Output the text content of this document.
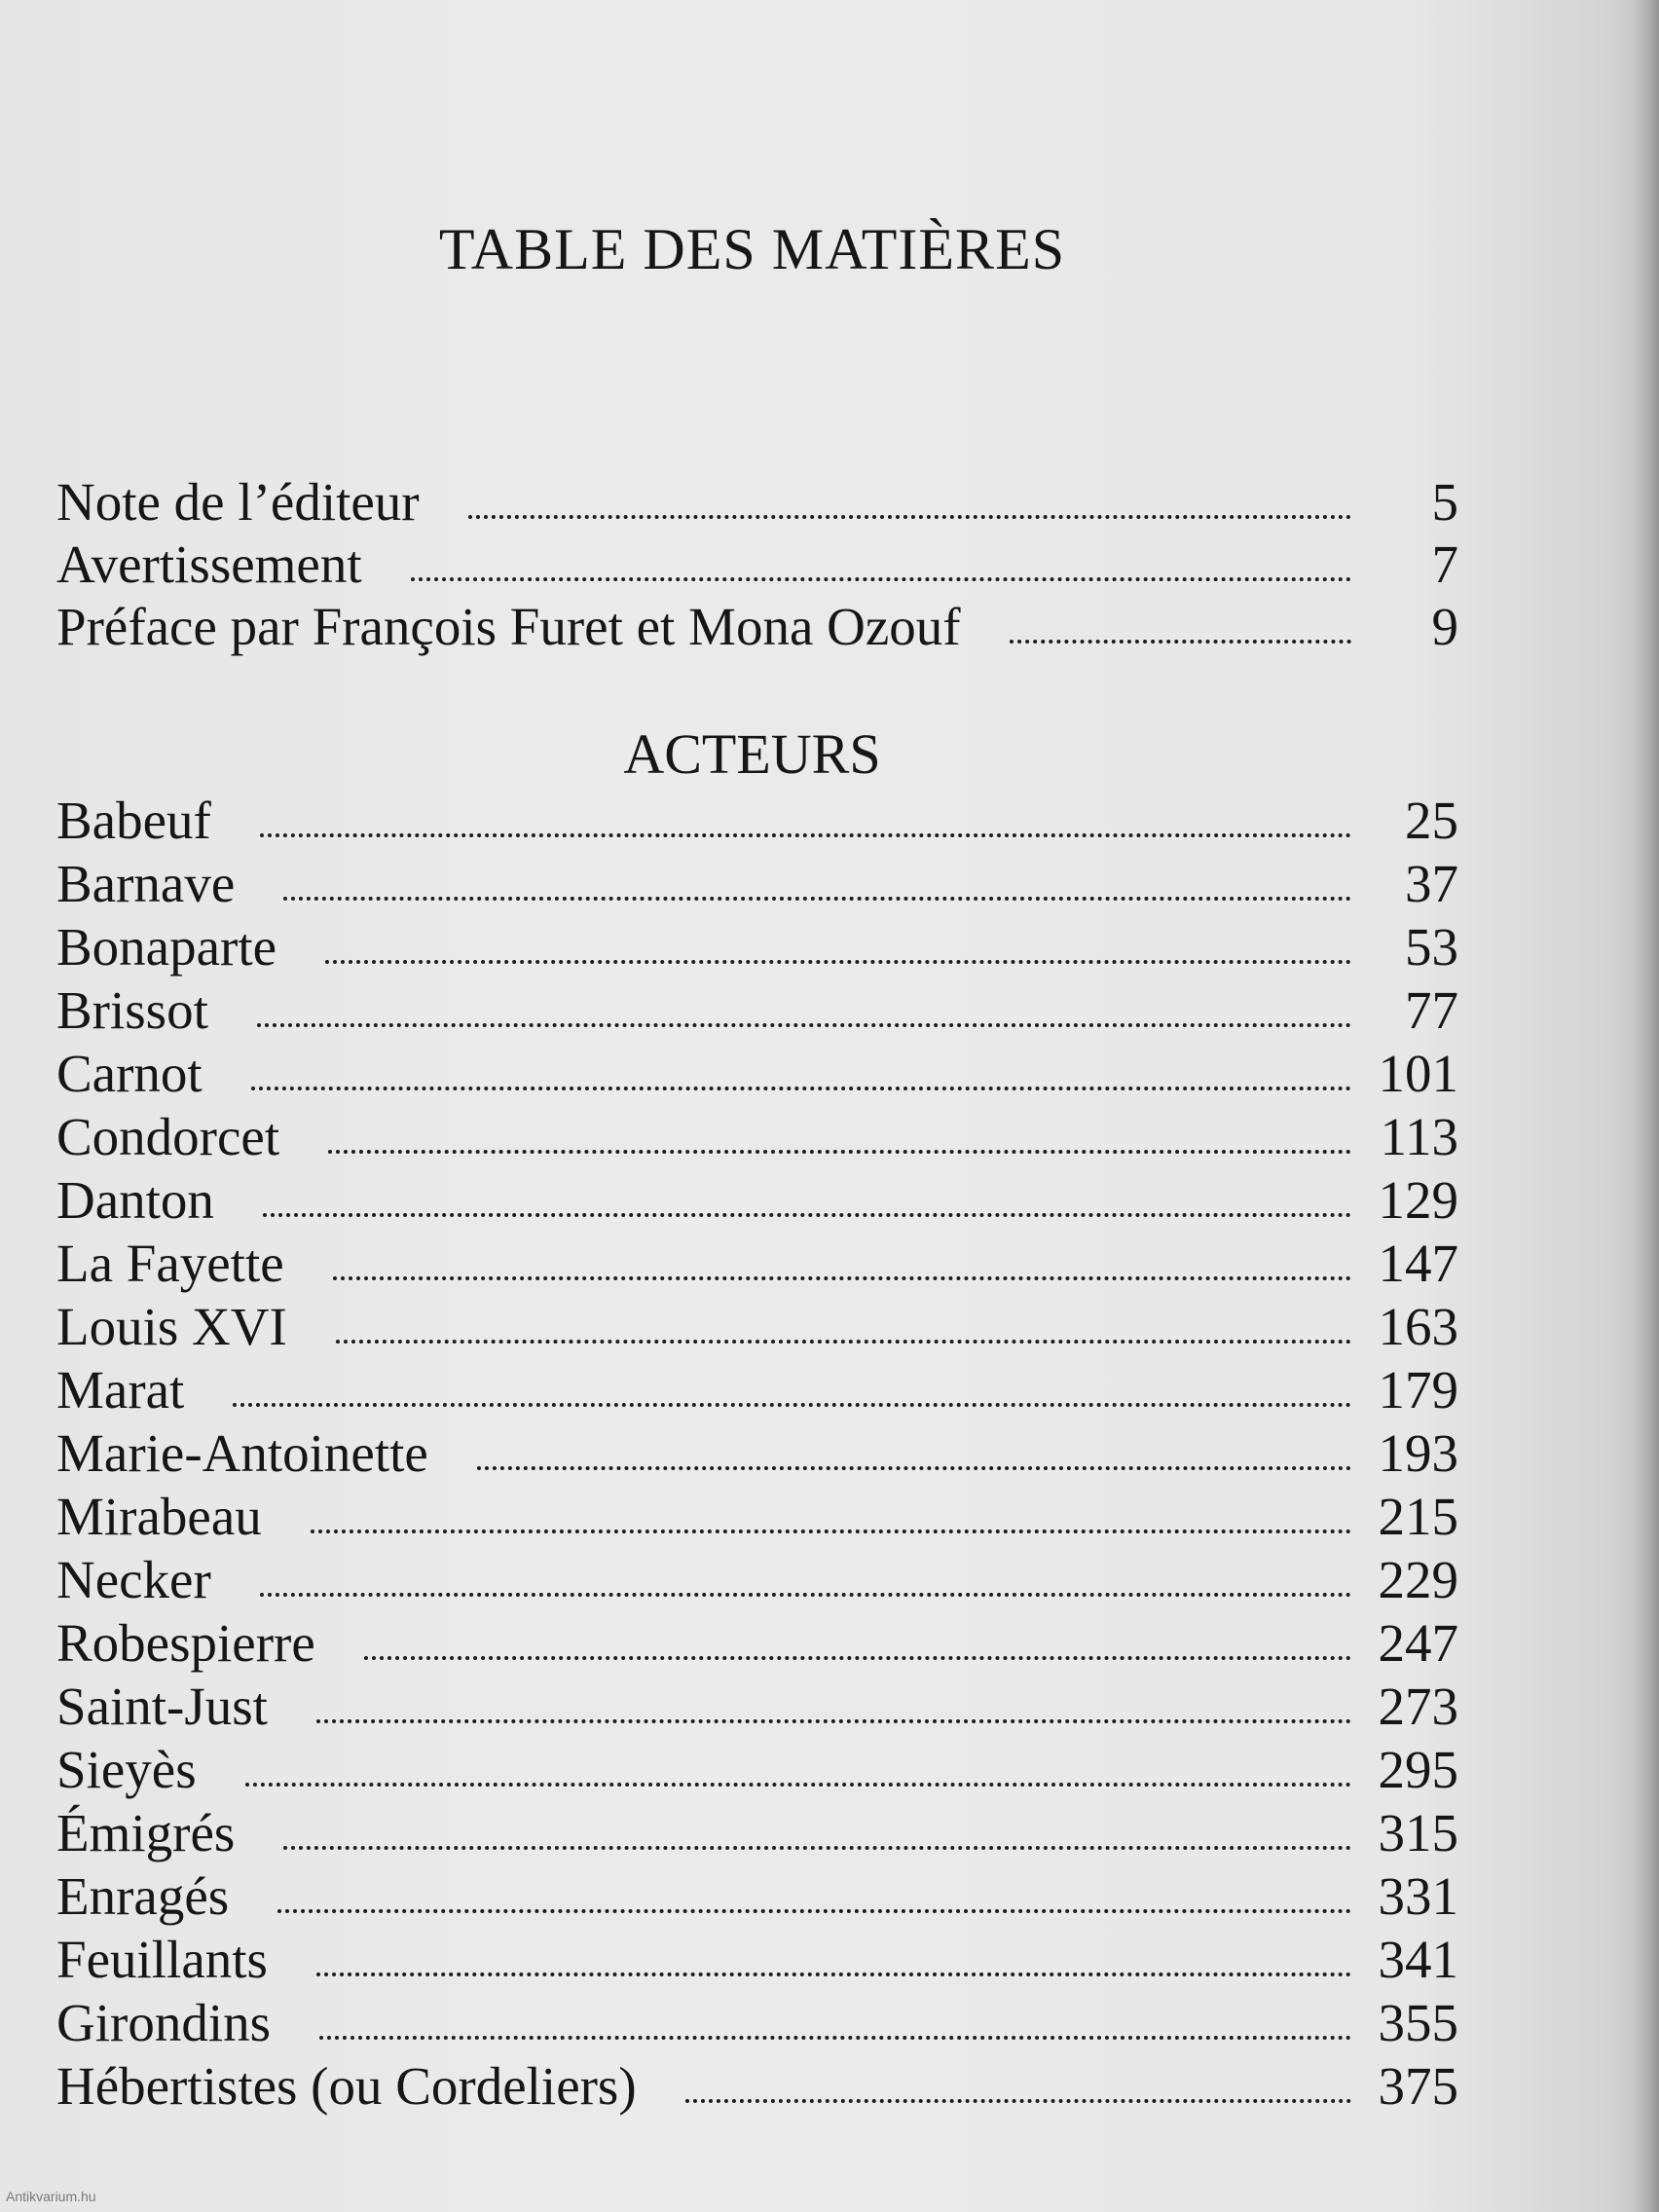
TABLE DES MATIÈRES
Note de l’éditeur	5
Avertissement	7
Préface par François Furet et Mona Ozouf	9
ACTEURS
Babeuf	25
Barnave	37
Bonaparte	53
Brissot	77
Carnot	101
Condorcet	113
Danton	129
La Fayette	147
Louis XVI	163
Marat	179
Marie-Antoinette	193
Mirabeau	215
Necker	229
Robespierre	247
Saint-Just	273
Sieyès	295
Émigrés	315
Enragés	331
Feuillants	341
Girondins	355
Hébertistes (ou Cordeliers)	375
Antikvarium.hu
